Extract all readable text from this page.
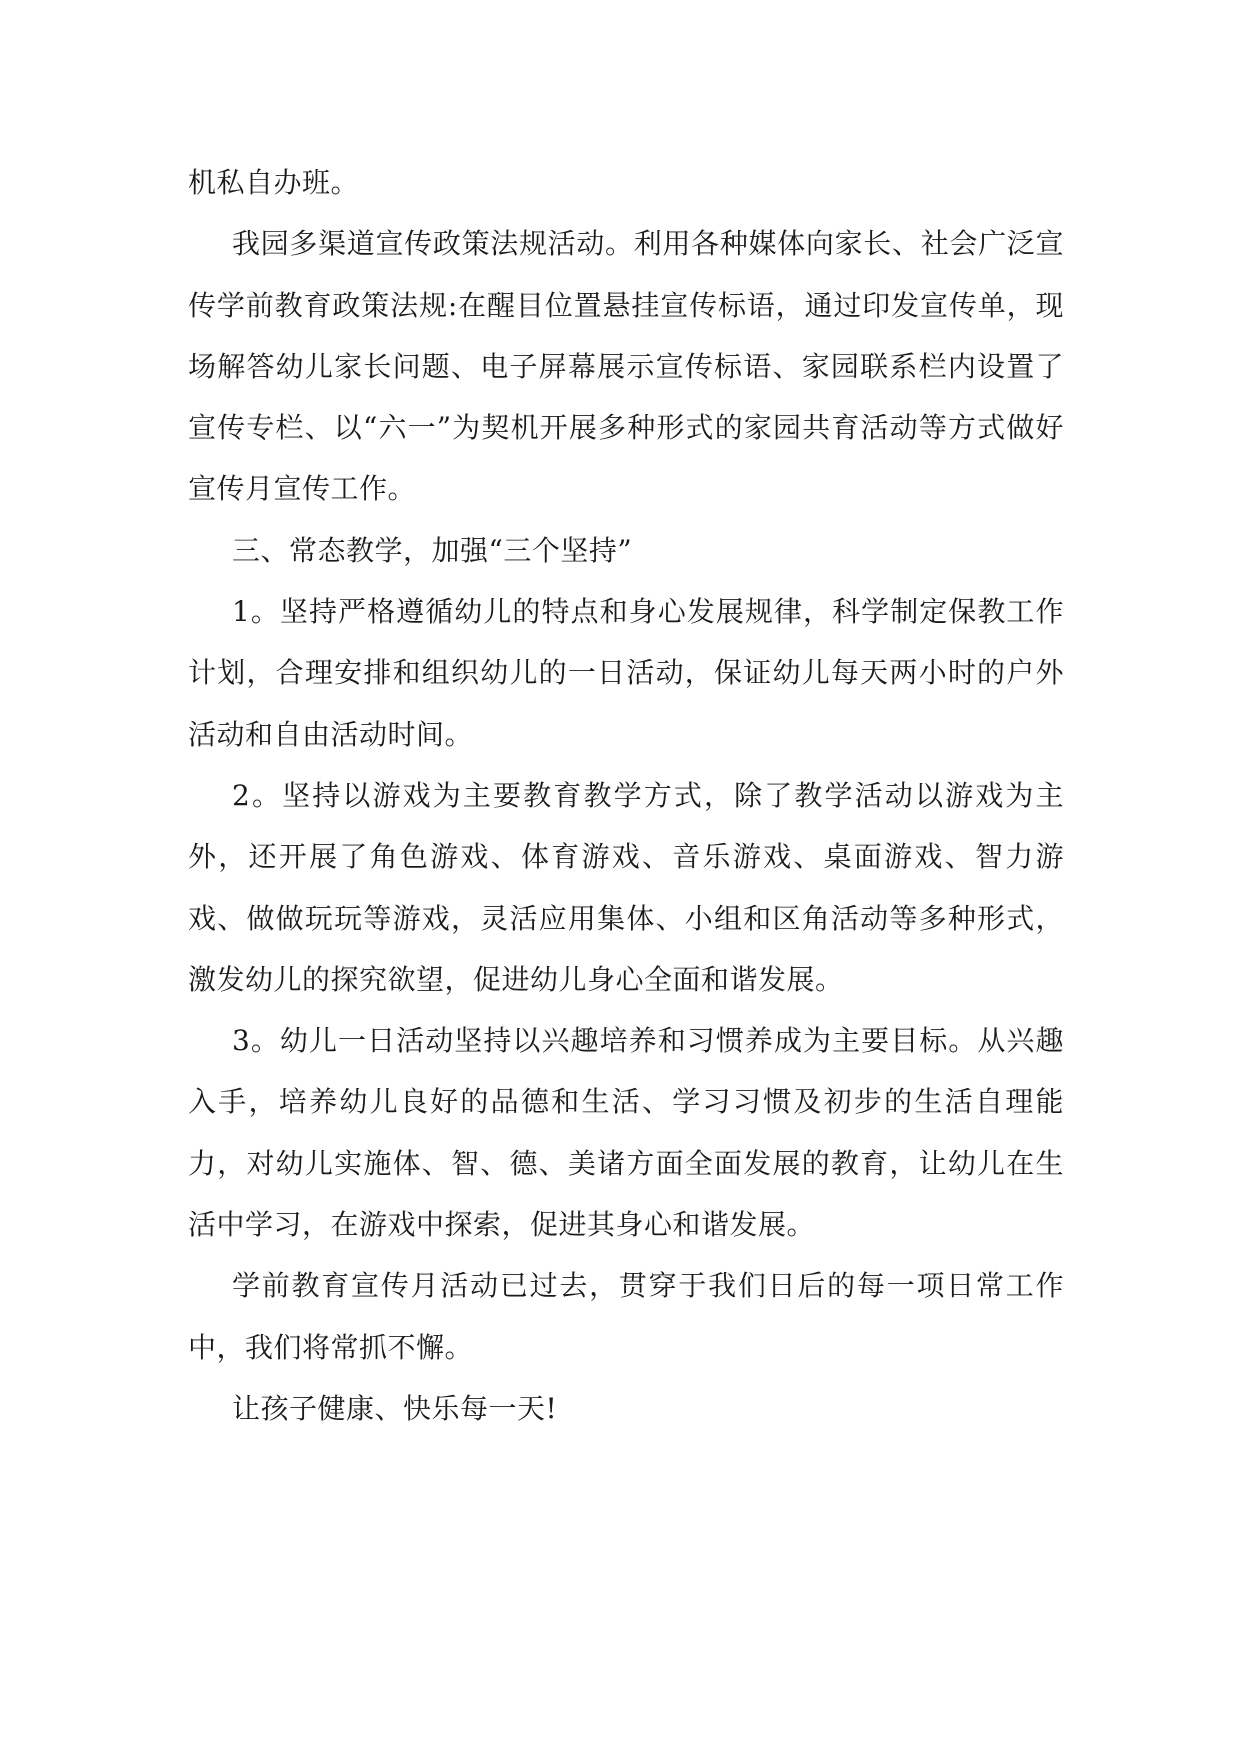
机私自办班。

我园多渠道宣传政策法规活动。利用各种媒体向家长、社会广泛宣传学前教育政策法规:在醒目位置悬挂宣传标语，通过印发宣传单，现场解答幼儿家长问题、电子屏幕展示宣传标语、家园联系栏内设置了宣传专栏、以“六一”为契机开展多种形式的家园共育活动等方式做好宣传月宣传工作。

三、常态教学，加强“三个坚持”

1。坚持严格遵循幼儿的特点和身心发展规律，科学制定保教工作计划，合理安排和组织幼儿的一日活动，保证幼儿每天两小时的户外活动和自由活动时间。

2。坚持以游戏为主要教育教学方式，除了教学活动以游戏为主外，还开展了角色游戏、体育游戏、音乐游戏、桌面游戏、智力游戏、做做玩玩等游戏，灵活应用集体、小组和区角活动等多种形式，激发幼儿的探究欲望，促进幼儿身心全面和谐发展。

3。幼儿一日活动坚持以兴趣培养和习惯养成为主要目标。从兴趣入手，培养幼儿良好的品德和生活、学习习惯及初步的生活自理能力，对幼儿实施体、智、德、美诸方面全面发展的教育，让幼儿在生活中学习，在游戏中探索，促进其身心和谐发展。

学前教育宣传月活动已过去，贯穿于我们日后的每一项日常工作中，我们将常抓不懈。

让孩子健康、快乐每一天!
